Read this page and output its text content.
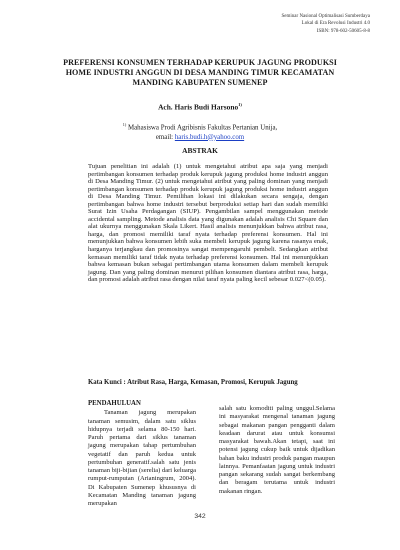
Seminar Nasional Optimalisasi Sumberdaya
Lokal di Era Revolusi Industri 4.0
ISBN: 978-602-50605-8-8
PREFERENSI KONSUMEN TERHADAP KERUPUK JAGUNG PRODUKSI HOME INDUSTRI ANGGUN DI DESA MANDING TIMUR KECAMATAN MANDING KABUPATEN SUMENEP
Ach. Haris Budi Harsono$^{1)}$
$^{1)}$ Mahasiswa Prodi Agribisnis Fakultas Pertanian Unija,
email: haris.budi.h@yahoo.com
ABSTRAK
Tujuan penelitian ini adalah (1) untuk mengetahui atribut apa saja yang menjadi pertimbangan konsumen terhadap produk kerupuk jagung produksi home industri anggun di Desa Manding Timur. (2) untuk mengetahui atribut yang paling dominan yang menjadi pertimbangan konsumen terhadap produk kerupuk jagung produksi home industri anggun di Desa Manding Timur. Pemilihan lokasi ini dilakukan secara sengaja, dengan pertimbangan bahwa home industri tersebut berproduksi setiap hari dan sudah memiliki Surat Izin Usaha Perdagangan (SIUP). Pengambilan sampel menggunakan metode accidental sampling. Metode analisis data yang digunakan adalah analisis Chi Square dan alat ukurnya menggunakan Skala Likert. Hasil analisis menunjukkan bahwa atribut rasa, harga, dan promosi memiliki taraf nyata terhadap preferensi konsumen. Hal ini menunjukkan bahwa konsumen lebih suka membeli kerupuk jagung karena rasanya enak, harganya terjangkau dan promosinya sangat mempengaruhi pembeli. Sedangkan atribut kemasan memiliki taraf tidak nyata terhadap preferensi konsumen. Hal ini menunjukkan bahwa kemasan bukan sebagai pertimbangan utama konsumen dalam membeli kerupuk jagung. Dan yang paling dominan menurut pilihan konsumen diantara atribut rasa, harga, dan promosi adalah atribut rasa dengan nilai taraf nyata paling kecil sebesar 0.027<(0.05).
Kata Kunci : Atribut Rasa, Harga, Kemasan, Promosi, Kerupuk Jagung
PENDAHULUAN

Tanaman jagung merupakan tanaman semusim, dalam satu siklus hidupnya terjadi selama 80-150 hari. Paruh pertama dari siklus tanaman jagung merupakan tahap pertumbuhan vegetatif dan paruh kedua untuk pertumbuhan generatif.salah satu jenis tanaman biji-bijian (serelia) dari keluarga rumput-rumputan (Arianingrum, 2004). Di Kabupaten Sumenep khususnya di Kecamatan Manding tanaman jagung merupakan

salah satu komoditi paling unggul.Selama ini masyarakat mengenal tanaman jagung sebagai makanan pangan pengganti dalam keadaan darurat atau untuk konsumsi masyarakat bawah.Akan tetapi, saat ini potensi jagung cukup baik untuk dijadikan bahan baku industri produk pangan maupun lainnya. Pemanfaatan jagung untuk industri pangan sekarang sudah sangat berkembang dan beragam terutama untuk industri makanan ringan.

342
